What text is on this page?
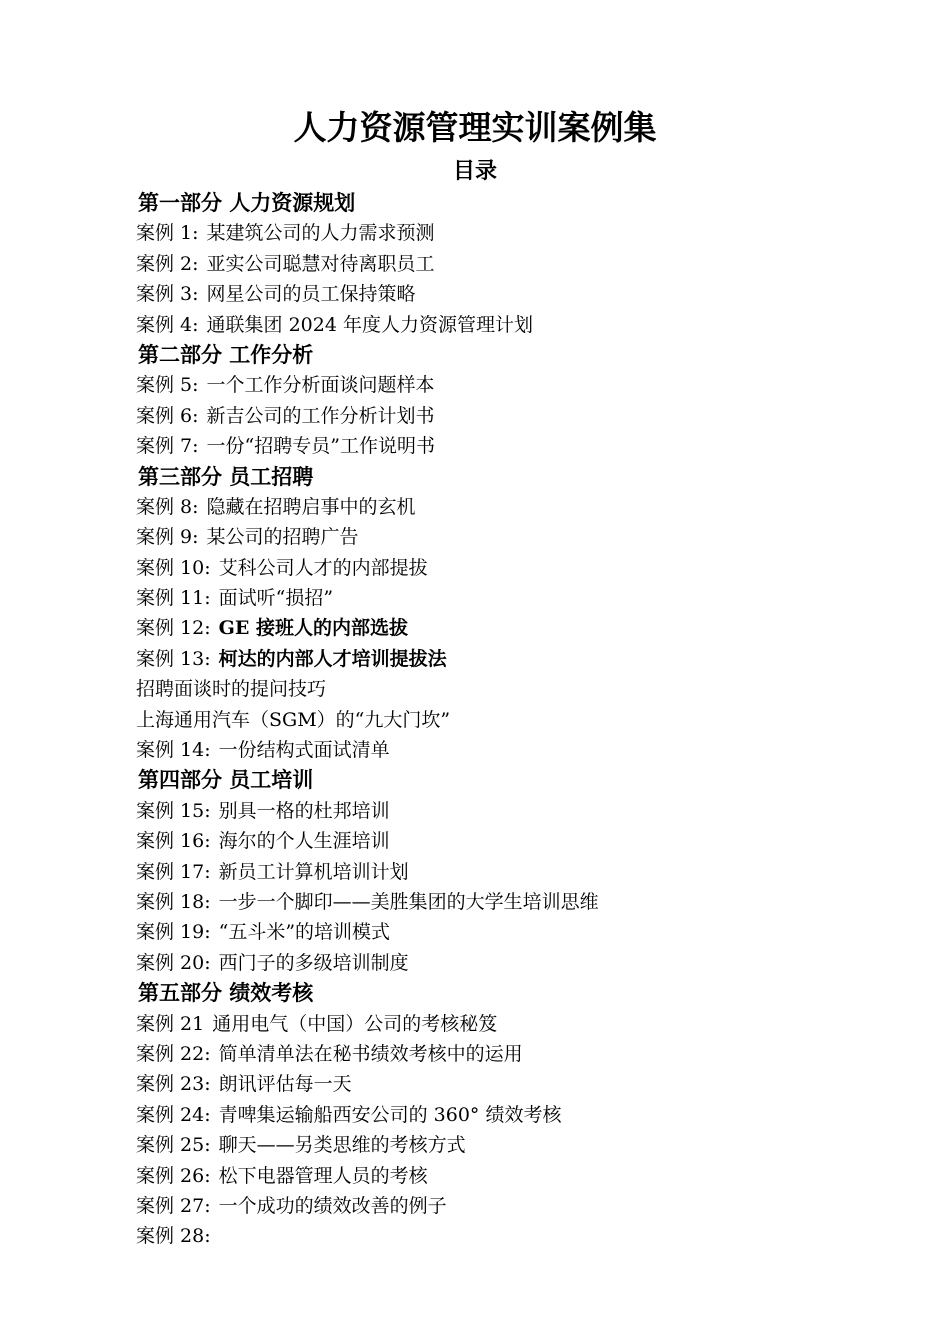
人力资源管理实训案例集
目录
第一部分 人力资源规划
案例 1: 某建筑公司的人力需求预测
案例 2: 亚实公司聪慧对待离职员工
案例 3: 网星公司的员工保持策略
案例 4: 通联集团 2024 年度人力资源管理计划
第二部分 工作分析
案例 5: 一个工作分析面谈问题样本
案例 6: 新吉公司的工作分析计划书
案例 7: 一份“招聘专员”工作说明书
第三部分 员工招聘
案例 8: 隐藏在招聘启事中的玄机
案例 9: 某公司的招聘广告
案例 10: 艾科公司人才的内部提拔
案例 11: 面试听“损招”
案例 12: GE 接班人的内部选拔
案例 13: 柯达的内部人才培训提拔法
招聘面谈时的提问技巧
上海通用汽车（SGM）的“九大门坎”
案例 14: 一份结构式面试清单
第四部分 员工培训
案例 15: 别具一格的杜邦培训
案例 16: 海尔的个人生涯培训
案例 17: 新员工计算机培训计划
案例 18: 一步一个脚印——美胜集团的大学生培训思维
案例 19: “五斗米”的培训模式
案例 20: 西门子的多级培训制度
第五部分 绩效考核
案例 21 通用电气（中国）公司的考核秘笈
案例 22: 简单清单法在秘书绩效考核中的运用
案例 23: 朗讯评估每一天
案例 24: 青啤集运输船西安公司的 360° 绩效考核
案例 25: 聊天——另类思维的考核方式
案例 26: 松下电器管理人员的考核
案例 27: 一个成功的绩效改善的例子
案例 28:
